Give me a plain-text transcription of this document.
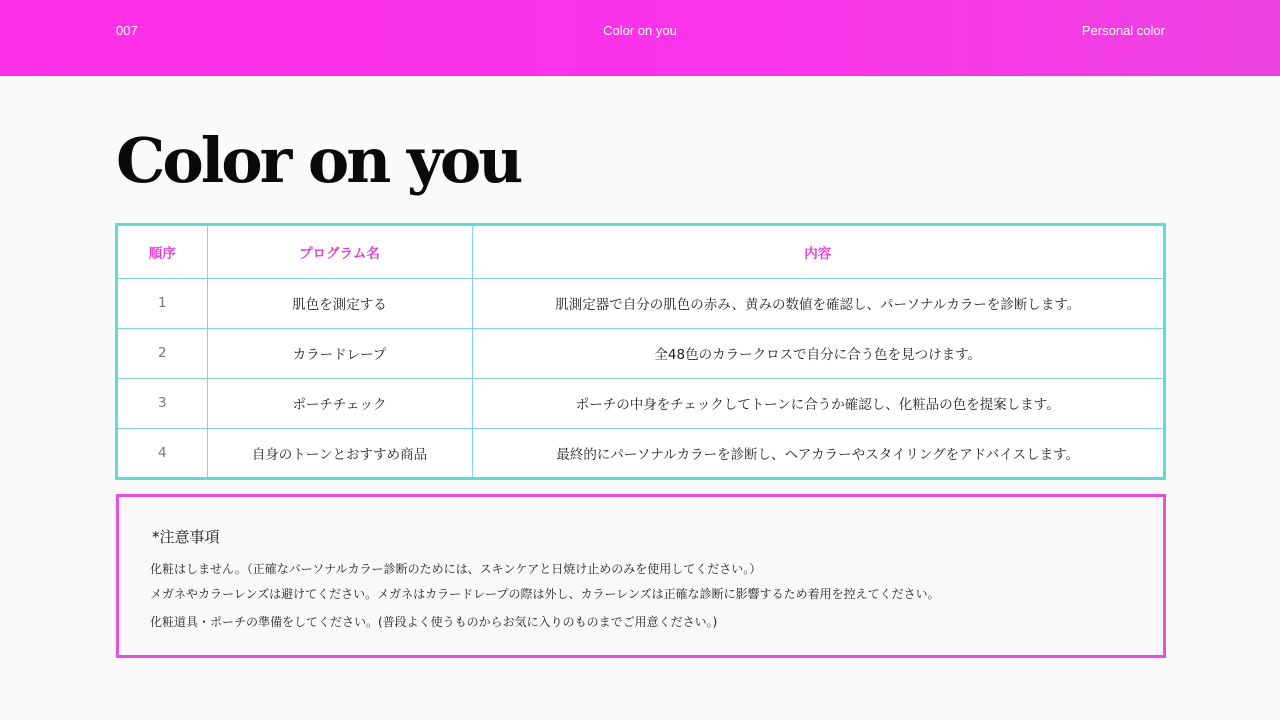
007	Color on you	Personal color
Color on you
順序	プログラム名	内容
1	肌色を測定する	肌測定器で自分の肌色の赤み、黄みの数値を確認し、パーソナルカラーを診断します。
2	カラードレープ	全48色のカラークロスで自分に合う色を見つけます。
3	ポーチチェック	ポーチの中身をチェックしてトーンに合うか確認し、化粧品の色を提案します。
4	自身のトーンとおすすめ商品	最終的にパーソナルカラーを診断し、ヘアカラーやスタイリングをアドバイスします。
*注意事項
化粧はしません。（正確なパーソナルカラー診断のためには、スキンケアと日焼け止めのみを使用してください。）
メガネやカラーレンズは避けてください。メガネはカラードレープの際は外し、カラーレンズは正確な診断に影響するため着用を控えてください。
化粧道具・ポーチの準備をしてください。(普段よく使うものからお気に入りのものまでご用意ください。)
